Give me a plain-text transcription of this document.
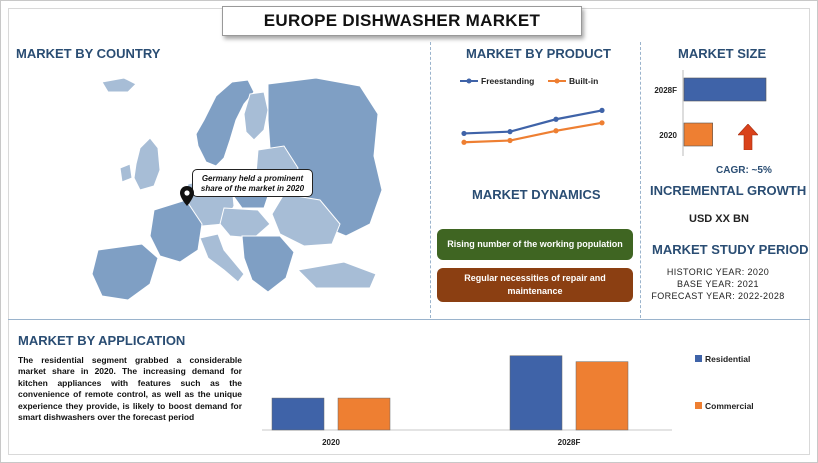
EUROPE DISHWASHER MARKET
MARKET BY COUNTRY
Germany held a prominent share of the market in 2020
MARKET BY PRODUCT
Freestanding	Built-in
MARKET DYNAMICS
Rising number of the working population
Regular necessities of repair and maintenance
MARKET SIZE
2028F
2020
CAGR: ~5%
INCREMENTAL GROWTH
USD XX BN
MARKET STUDY PERIOD
HISTORIC YEAR: 2020
BASE YEAR: 2021
FORECAST YEAR: 2022-2028
MARKET BY APPLICATION
The residential segment grabbed a considerable market share in 2020. The increasing demand for kitchen appliances with features such as the convenience of remote control, as well as the unique experience they provide, is likely to boost demand for smart dishwashers over the forecast period
2020	2028F
Residential
Commercial
